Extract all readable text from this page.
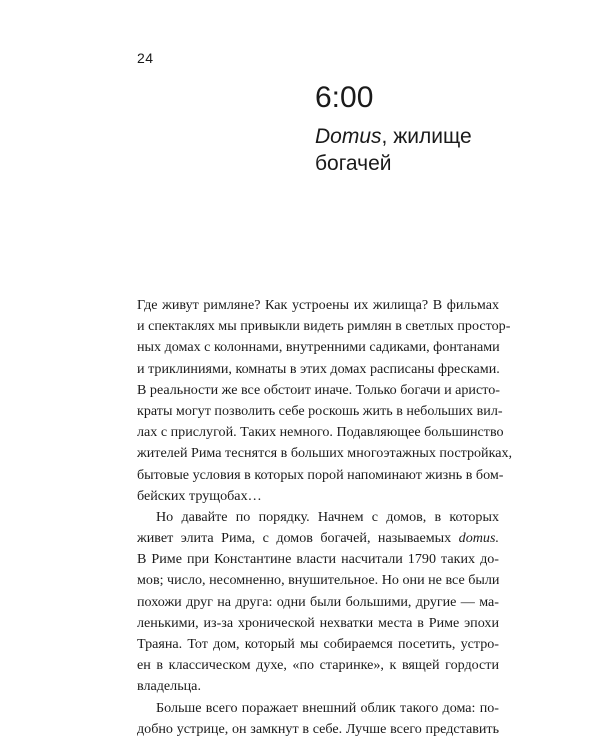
24
6:00
Domus, жилище богачей
Где живут римляне? Как устроены их жилища? В фильмах
и спектаклях мы привыкли видеть римлян в светлых простор-
ных домах с колоннами, внутренними садиками, фонтанами
и триклиниями, комнаты в этих домах расписаны фресками.
В реальности же все обстоит иначе. Только богачи и аристо-
краты могут позволить себе роскошь жить в небольших вил-
лах с прислугой. Таких немного. Подавляющее большинство
жителей Рима теснятся в больших многоэтажных постройках,
бытовые условия в которых порой напоминают жизнь в бом-
бейских трущобах…
Но давайте по порядку. Начнем с домов, в которых
живет элита Рима, с домов богачей, называемых domus.
В Риме при Константине власти насчитали 1790 таких до-
мов; число, несомненно, внушительное. Но они не все были
похожи друг на друга: одни были большими, другие — ма-
ленькими, из-за хронической нехватки места в Риме эпохи
Траяна. Тот дом, который мы собираемся посетить, устро-
ен в классическом духе, «по старинке», к вящей гордости
владельца.
Больше всего поражает внешний облик такого дома: по-
добно устрице, он замкнут в себе. Лучше всего представить
